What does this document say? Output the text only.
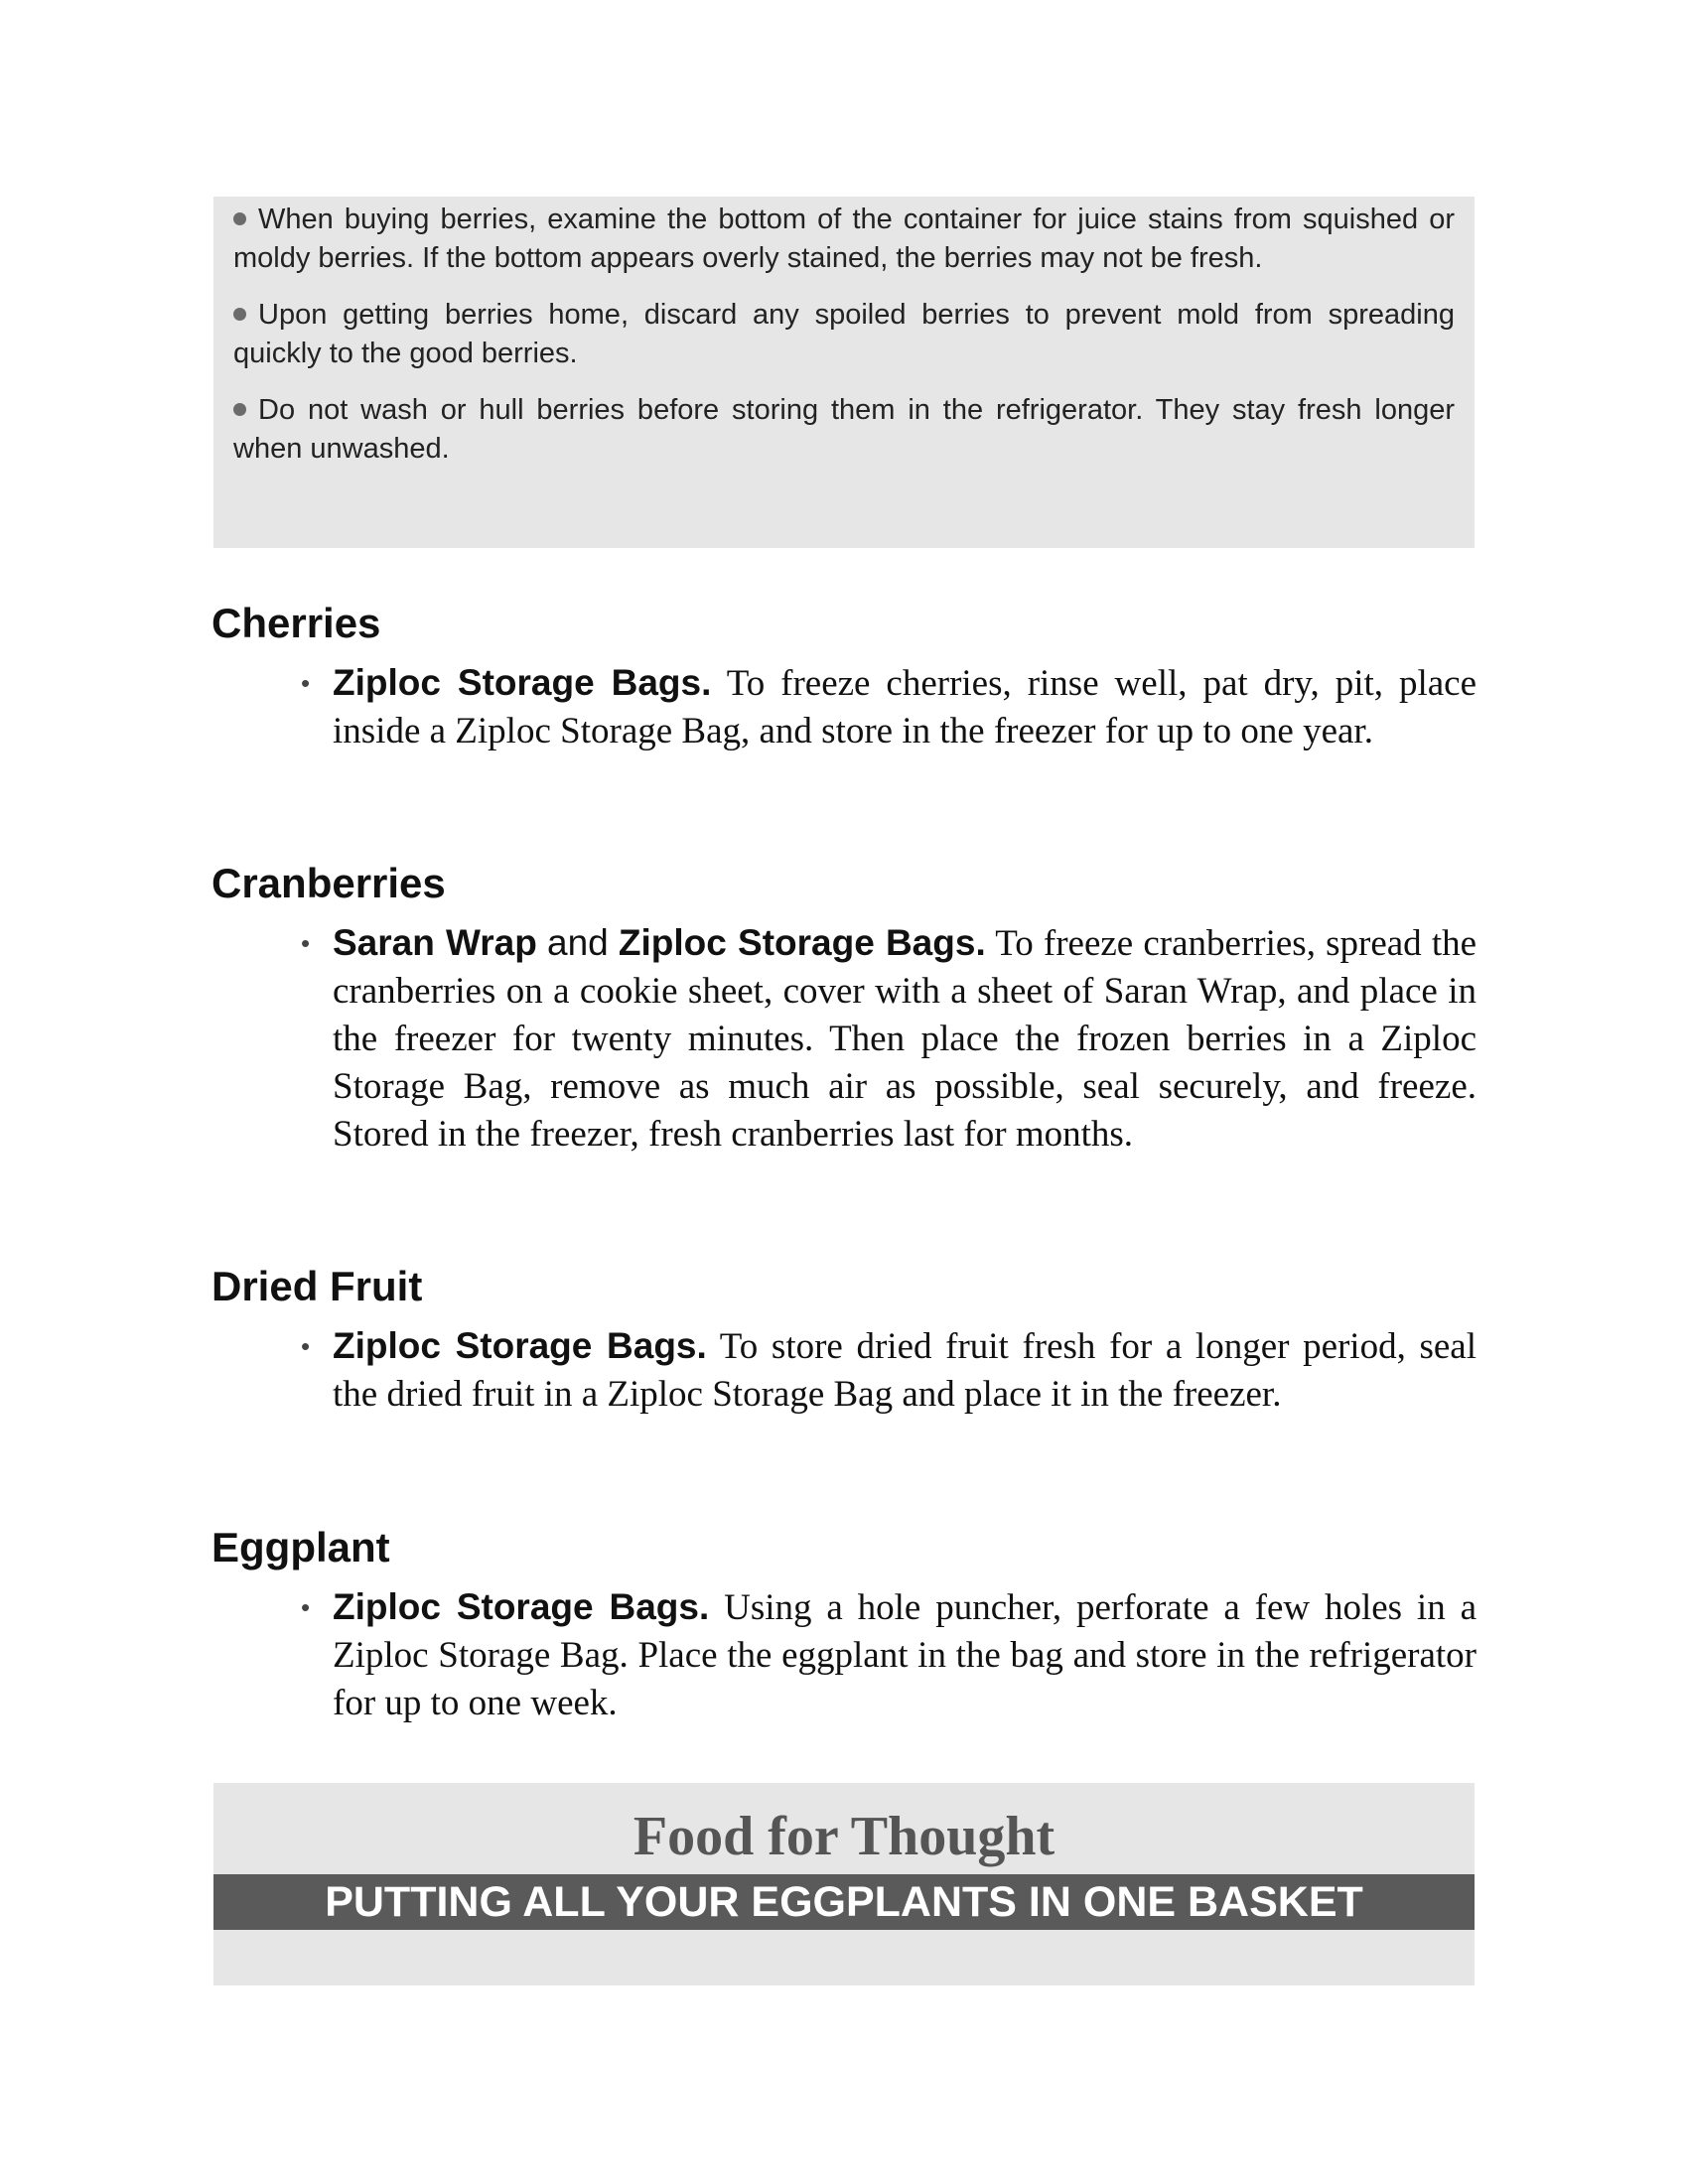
When buying berries, examine the bottom of the container for juice stains from squished or moldy berries. If the bottom appears overly stained, the berries may not be fresh.

Upon getting berries home, discard any spoiled berries to prevent mold from spreading quickly to the good berries.

Do not wash or hull berries before storing them in the refrigerator. They stay fresh longer when unwashed.

Cherries

• Ziploc Storage Bags. To freeze cherries, rinse well, pat dry, pit, place inside a Ziploc Storage Bag, and store in the freezer for up to one year.

Cranberries

• Saran Wrap and Ziploc Storage Bags. To freeze cranberries, spread the cranberries on a cookie sheet, cover with a sheet of Saran Wrap, and place in the freezer for twenty minutes. Then place the frozen berries in a Ziploc Storage Bag, remove as much air as possible, seal securely, and freeze. Stored in the freezer, fresh cranberries last for months.

Dried Fruit

• Ziploc Storage Bags. To store dried fruit fresh for a longer period, seal the dried fruit in a Ziploc Storage Bag and place it in the freezer.

Eggplant

• Ziploc Storage Bags. Using a hole puncher, perforate a few holes in a Ziploc Storage Bag. Place the eggplant in the bag and store in the refrigerator for up to one week.

Food for Thought
PUTTING ALL YOUR EGGPLANTS IN ONE BASKET
